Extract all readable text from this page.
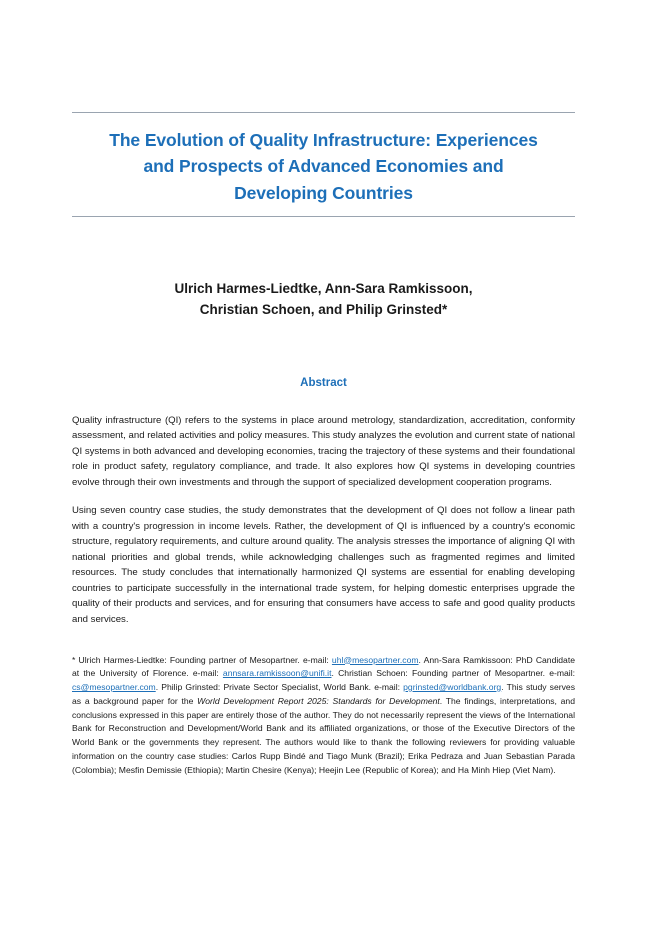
The Evolution of Quality Infrastructure: Experiences
and Prospects of Advanced Economies and
Developing Countries
Ulrich Harmes-Liedtke, Ann-Sara Ramkissoon,
Christian Schoen, and Philip Grinsted*
Abstract

Quality infrastructure (QI) refers to the systems in place around metrology, standardization, accreditation, conformity assessment, and related activities and policy measures. This study analyzes the evolution and current state of national QI systems in both advanced and developing economies, tracing the trajectory of these systems and their foundational role in product safety, regulatory compliance, and trade. It also explores how QI systems in developing countries evolve through their own investments and through the support of specialized development cooperation programs.

Using seven country case studies, the study demonstrates that the development of QI does not follow a linear path with a country's progression in income levels. Rather, the development of QI is influenced by a country's economic structure, regulatory requirements, and culture around quality. The analysis stresses the importance of aligning QI with national priorities and global trends, while acknowledging challenges such as fragmented regimes and limited resources. The study concludes that internationally harmonized QI systems are essential for enabling developing countries to participate successfully in the international trade system, for helping domestic enterprises upgrade the quality of their products and services, and for ensuring that consumers have access to safe and good quality products and services.

* Ulrich Harmes-Liedtke: Founding partner of Mesopartner. e-mail: uhl@mesopartner.com. Ann-Sara Ramkissoon: PhD Candidate at the University of Florence. e-mail: annsara.ramkissoon@unifi.it. Christian Schoen: Founding partner of Mesopartner. e-mail: cs@mesopartner.com. Philip Grinsted: Private Sector Specialist, World Bank. e-mail: pgrinsted@worldbank.org. This study serves as a background paper for the World Development Report 2025: Standards for Development. The findings, interpretations, and conclusions expressed in this paper are entirely those of the author. They do not necessarily represent the views of the International Bank for Reconstruction and Development/World Bank and its affiliated organizations, or those of the Executive Directors of the World Bank or the governments they represent. The authors would like to thank the following reviewers for providing valuable information on the country case studies: Carlos Rupp Bindé and Tiago Munk (Brazil); Erika Pedraza and Juan Sebastian Parada (Colombia); Mesfin Demissie (Ethiopia); Martin Chesire (Kenya); Heejin Lee (Republic of Korea); and Ha Minh Hiep (Viet Nam).
